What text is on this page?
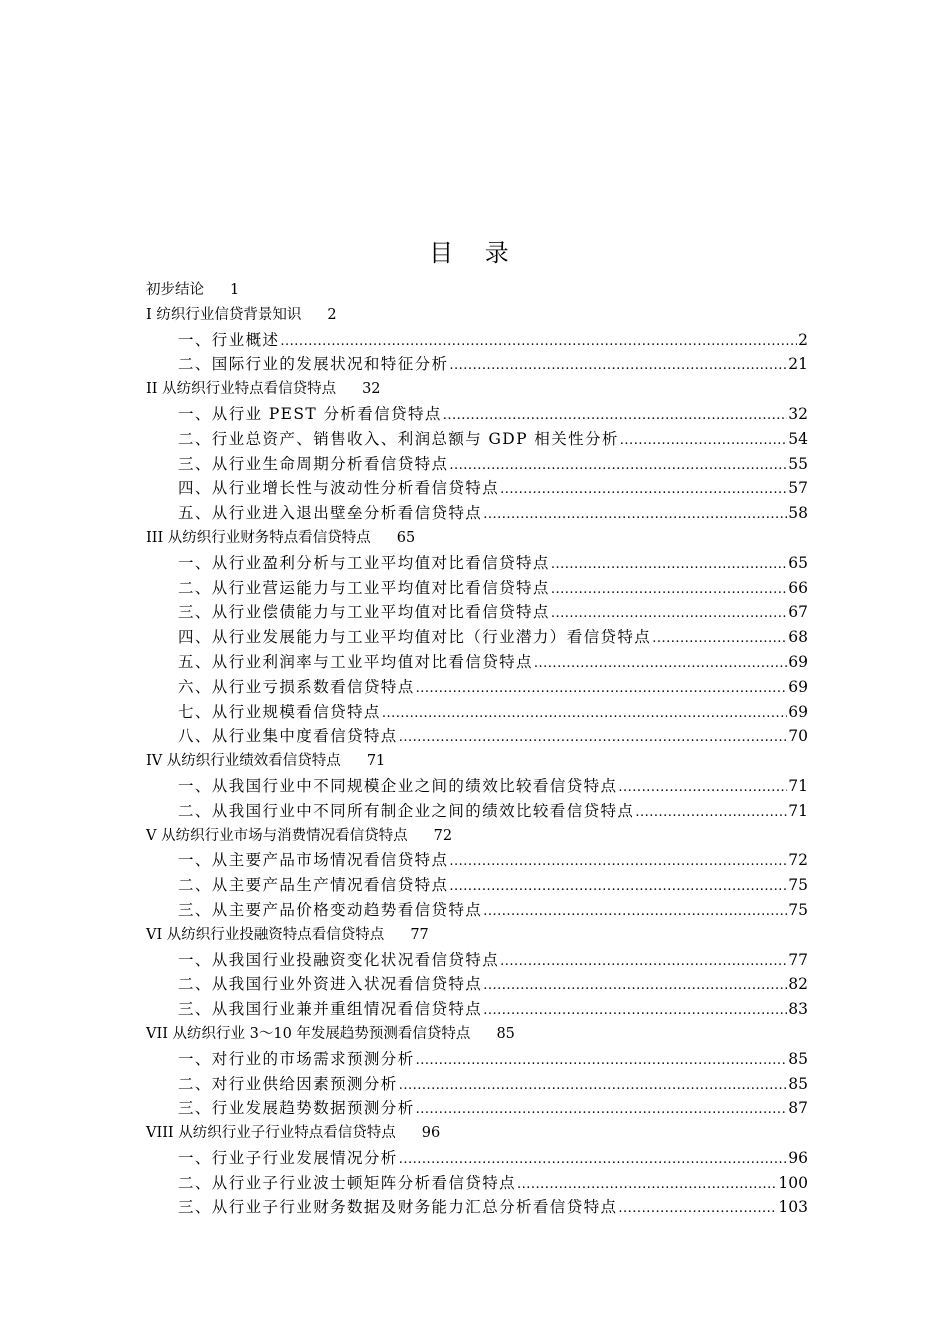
目 录
初步结论 1
I 纺织行业信贷背景知识 2
一、行业概述 .....	2
二、国际行业的发展状况和特征分析 .....	21
II 从纺织行业特点看信贷特点 32
一、从行业 PEST 分析看信贷特点 .....	32
二、行业总资产、销售收入、利润总额与 GDP 相关性分析 .....	54
三、从行业生命周期分析看信贷特点 .....	55
四、从行业增长性与波动性分析看信贷特点 .....	57
五、从行业进入退出壁垒分析看信贷特点 .....	58
III 从纺织行业财务特点看信贷特点 65
一、从行业盈利分析与工业平均值对比看信贷特点 .....	65
二、从行业营运能力与工业平均值对比看信贷特点 .....	66
三、从行业偿债能力与工业平均值对比看信贷特点 .....	67
四、从行业发展能力与工业平均值对比（行业潜力）看信贷特点 .....	68
五、从行业利润率与工业平均值对比看信贷特点 .....	69
六、从行业亏损系数看信贷特点 .....	69
七、从行业规模看信贷特点 .....	69
八、从行业集中度看信贷特点 .....	70
IV 从纺织行业绩效看信贷特点 71
一、从我国行业中不同规模企业之间的绩效比较看信贷特点 .....	71
二、从我国行业中不同所有制企业之间的绩效比较看信贷特点 .....	71
V 从纺织行业市场与消费情况看信贷特点 72
一、从主要产品市场情况看信贷特点 .....	72
二、从主要产品生产情况看信贷特点 .....	75
三、从主要产品价格变动趋势看信贷特点 .....	75
VI 从纺织行业投融资特点看信贷特点 77
一、从我国行业投融资变化状况看信贷特点 .....	77
二、从我国行业外资进入状况看信贷特点 .....	82
三、从我国行业兼并重组情况看信贷特点 .....	83
VII 从纺织行业 3～10 年发展趋势预测看信贷特点 85
一、对行业的市场需求预测分析 .....	85
二、对行业供给因素预测分析 .....	85
三、行业发展趋势数据预测分析 .....	87
VIII 从纺织行业子行业特点看信贷特点 96
一、行业子行业发展情况分析 .....	96
二、从行业子行业波士顿矩阵分析看信贷特点 .....	100
三、从行业子行业财务数据及财务能力汇总分析看信贷特点 .....	103
